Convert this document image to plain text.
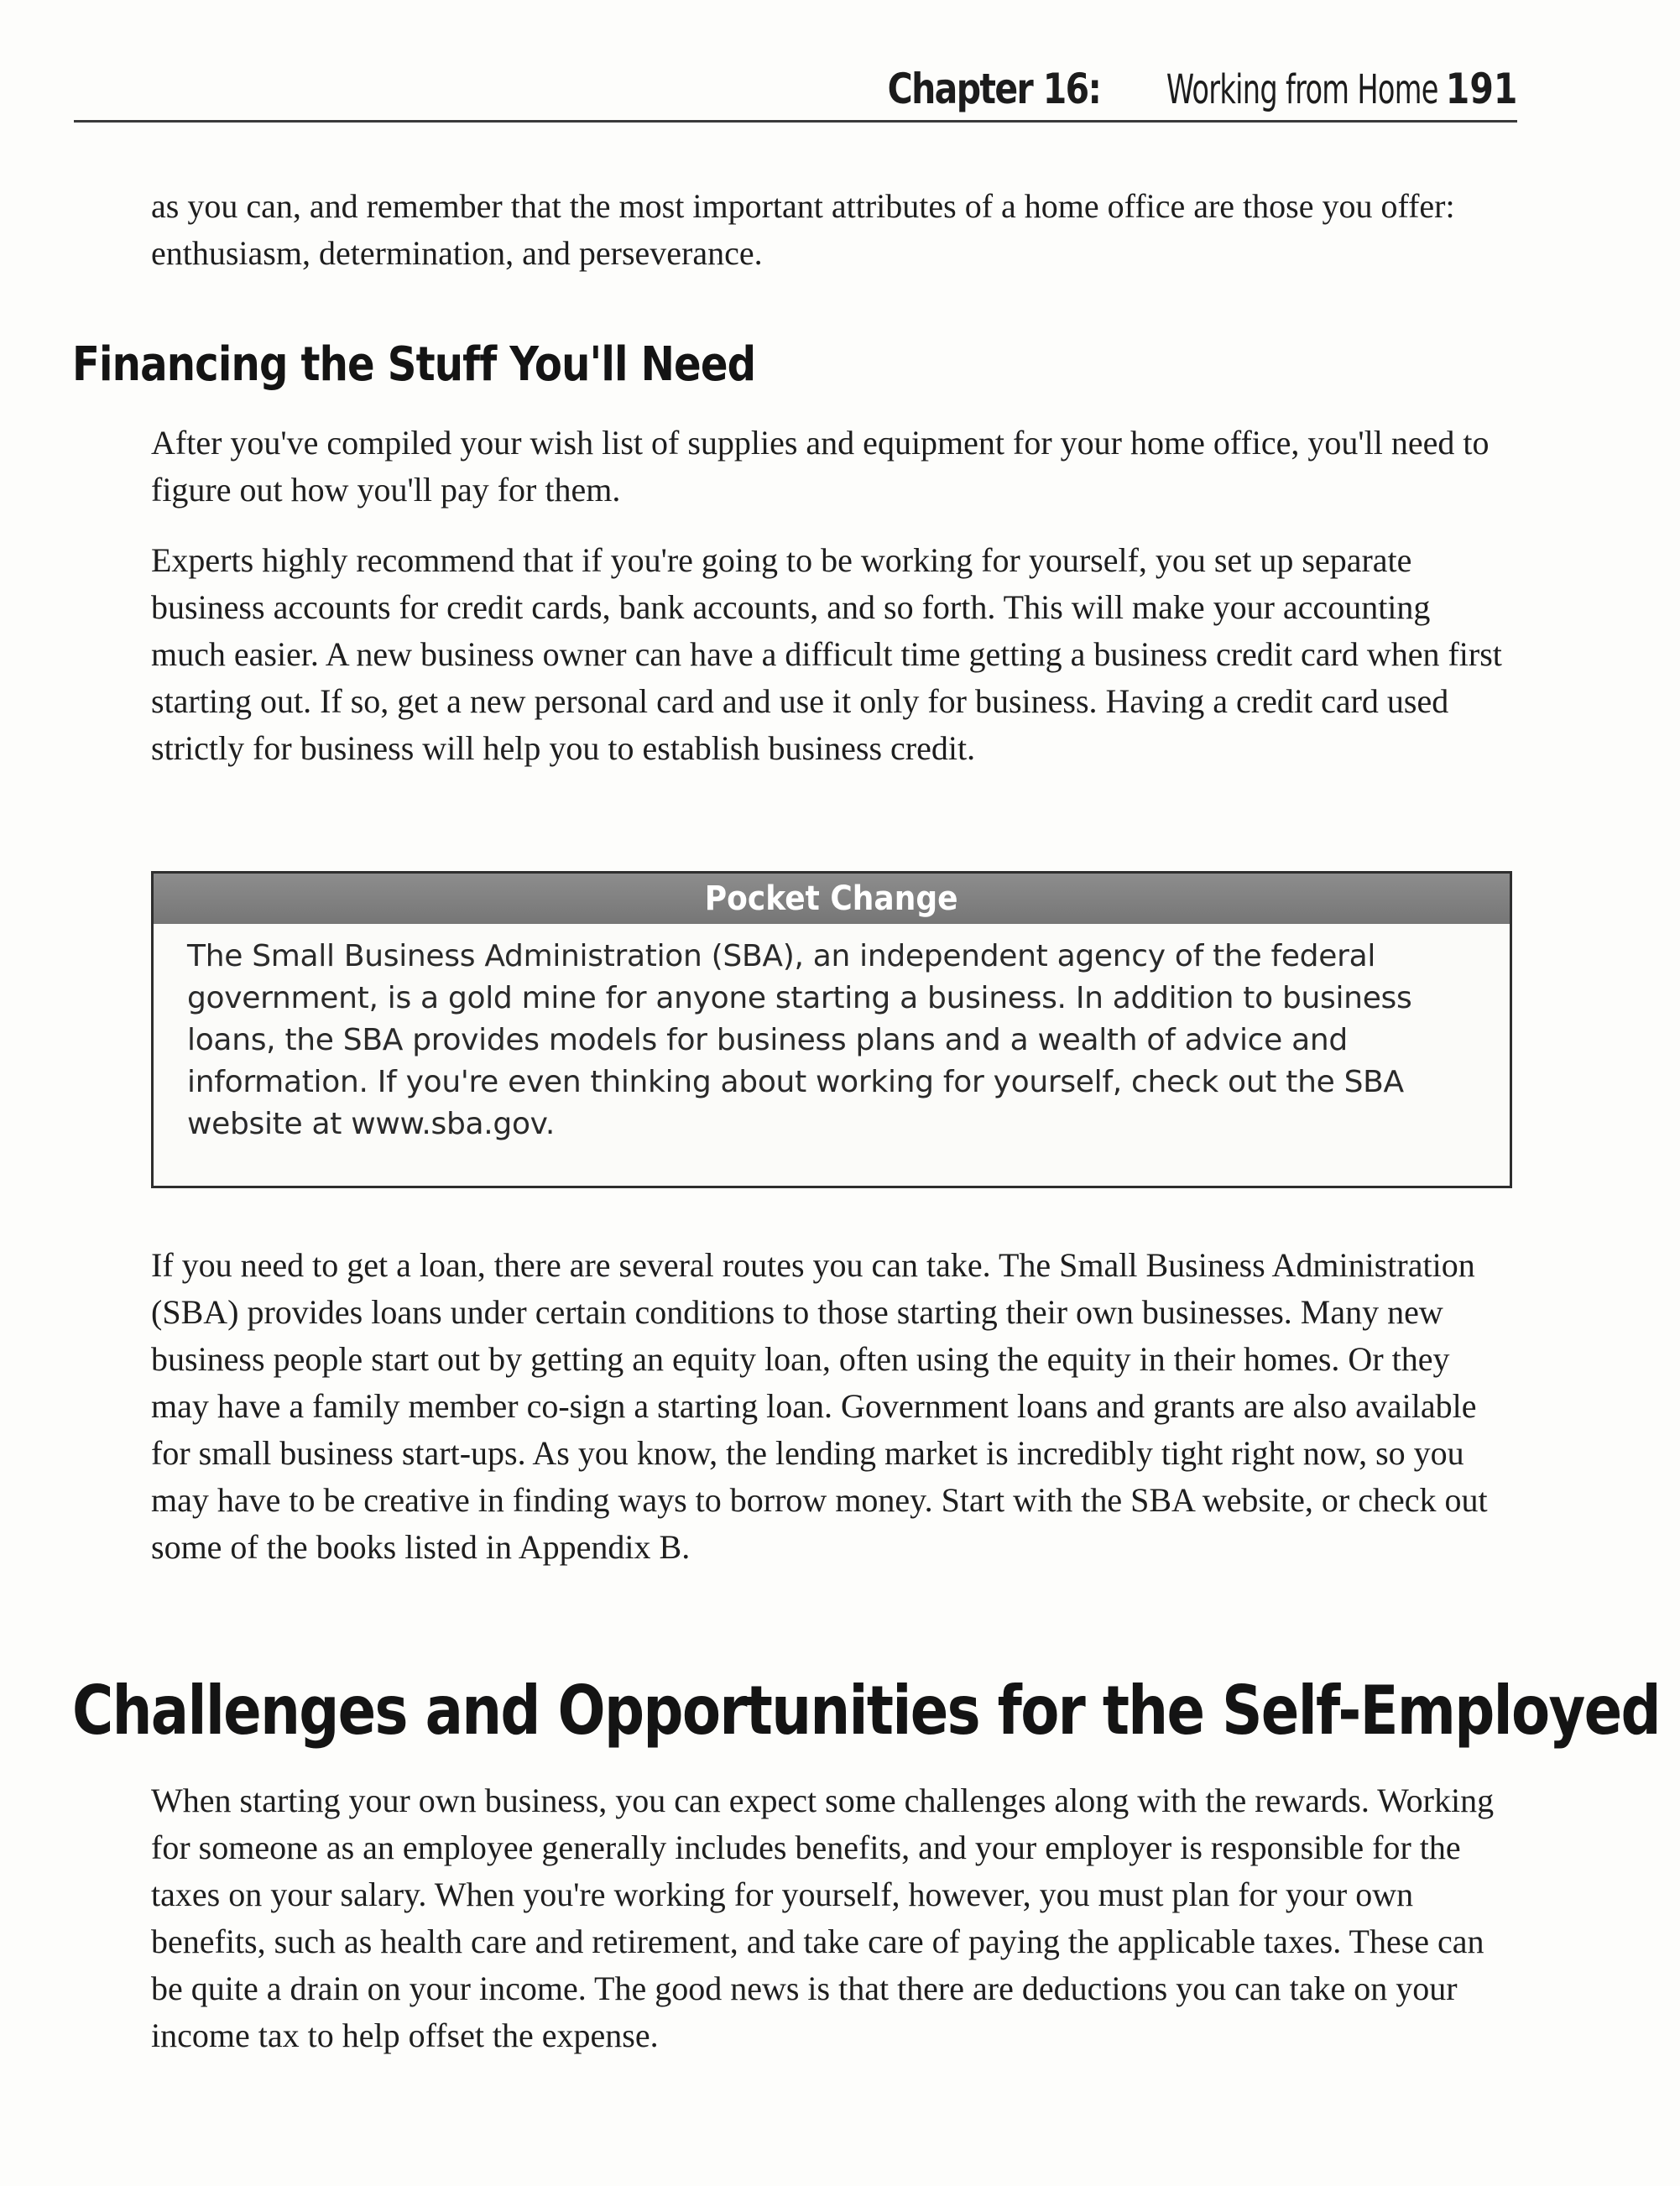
Chapter 16: Working from Home 191

as you can, and remember that the most important attributes of a home office are those you offer: enthusiasm, determination, and perseverance.

Financing the Stuff You'll Need

After you've compiled your wish list of supplies and equipment for your home office, you'll need to figure out how you'll pay for them.

Experts highly recommend that if you're going to be working for yourself, you set up separate business accounts for credit cards, bank accounts, and so forth. This will make your accounting much easier. A new business owner can have a difficult time getting a business credit card when first starting out. If so, get a new personal card and use it only for business. Having a credit card used strictly for business will help you to establish business credit.

Pocket Change

The Small Business Administration (SBA), an independent agency of the federal government, is a gold mine for anyone starting a business. In addition to business loans, the SBA provides models for business plans and a wealth of advice and information. If you're even thinking about working for yourself, check out the SBA website at www.sba.gov.

If you need to get a loan, there are several routes you can take. The Small Business Administration (SBA) provides loans under certain conditions to those starting their own businesses. Many new business people start out by getting an equity loan, often using the equity in their homes. Or they may have a family member co-sign a starting loan. Government loans and grants are also available for small business start-ups. As you know, the lending market is incredibly tight right now, so you may have to be creative in finding ways to borrow money. Start with the SBA website, or check out some of the books listed in Appendix B.

Challenges and Opportunities for the Self-Employed

When starting your own business, you can expect some challenges along with the rewards. Working for someone as an employee generally includes benefits, and your employer is responsible for the taxes on your salary. When you're working for yourself, however, you must plan for your own benefits, such as health care and retirement, and take care of paying the applicable taxes. These can be quite a drain on your income. The good news is that there are deductions you can take on your income tax to help offset the expense.
